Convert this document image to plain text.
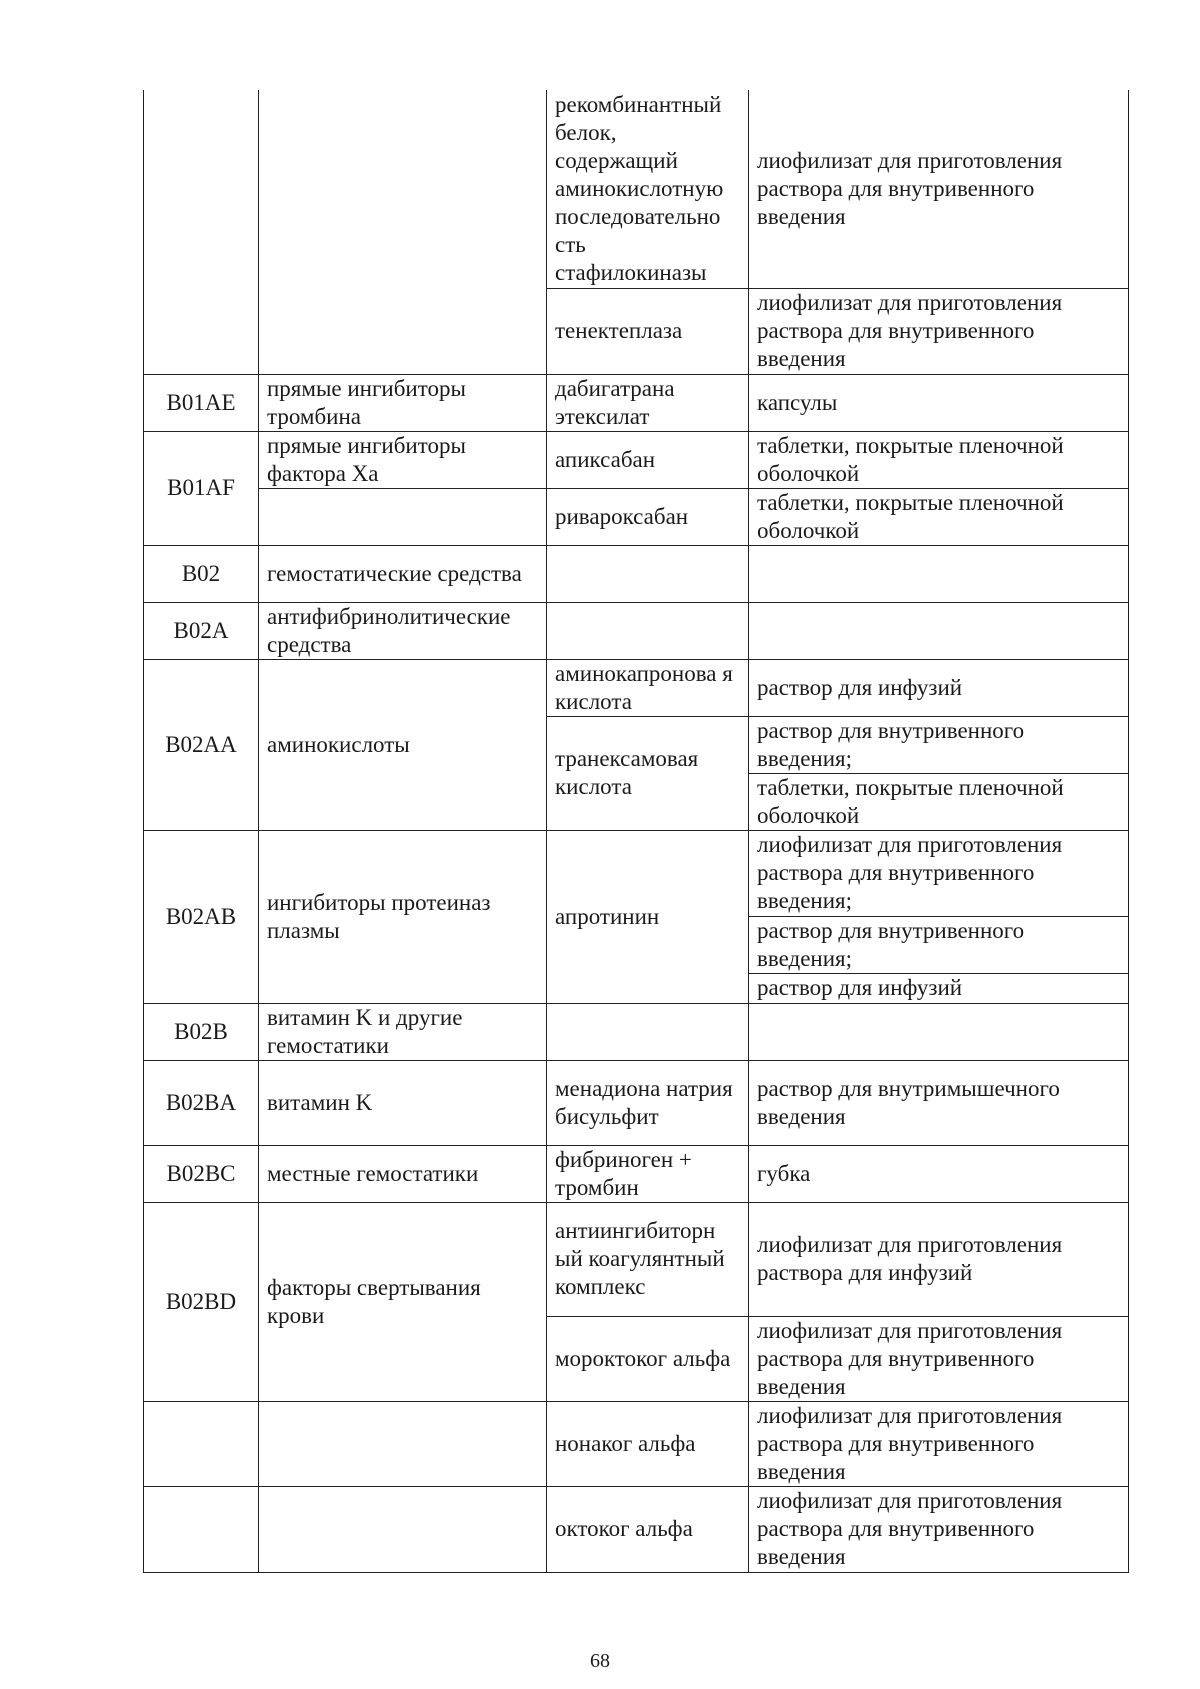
		рекомбинантный белок, содержащий аминокислотную последовательно сть стафилокиназы	лиофилизат для приготовления раствора для внутривенного введения
		тенектеплаза	лиофилизат для приготовления раствора для внутривенного введения
B01AE	прямые ингибиторы тромбина	дабигатрана этексилат	капсулы
B01AF	прямые ингибиторы фактора Xa	апиксабан	таблетки, покрытые пленочной оболочкой
		ривароксабан	таблетки, покрытые пленочной оболочкой
B02	гемостатические средства		
B02A	антифибринолитические средства		
B02AA	аминокислоты	аминокапронова я кислота	раствор для инфузий
		транексамовая кислота	раствор для внутривенного введения;
			таблетки, покрытые пленочной оболочкой
B02AB	ингибиторы протеиназ плазмы	апротинин	лиофилизат для приготовления раствора для внутривенного введения;
			раствор для внутривенного введения;
			раствор для инфузий
B02B	витамин K и другие гемостатики		
B02BA	витамин K	менадиона натрия бисульфит	раствор для внутримышечного введения
B02BC	местные гемостатики	фибриноген + тромбин	губка
B02BD	факторы свертывания крови	антиингибиторн ый коагулянтный комплекс	лиофилизат для приготовления раствора для инфузий
		мороктоког альфа	лиофилизат для приготовления раствора для внутривенного введения
		нонаког альфа	лиофилизат для приготовления раствора для внутривенного введения
		октоког альфа	лиофилизат для приготовления раствора для внутривенного введения
68
